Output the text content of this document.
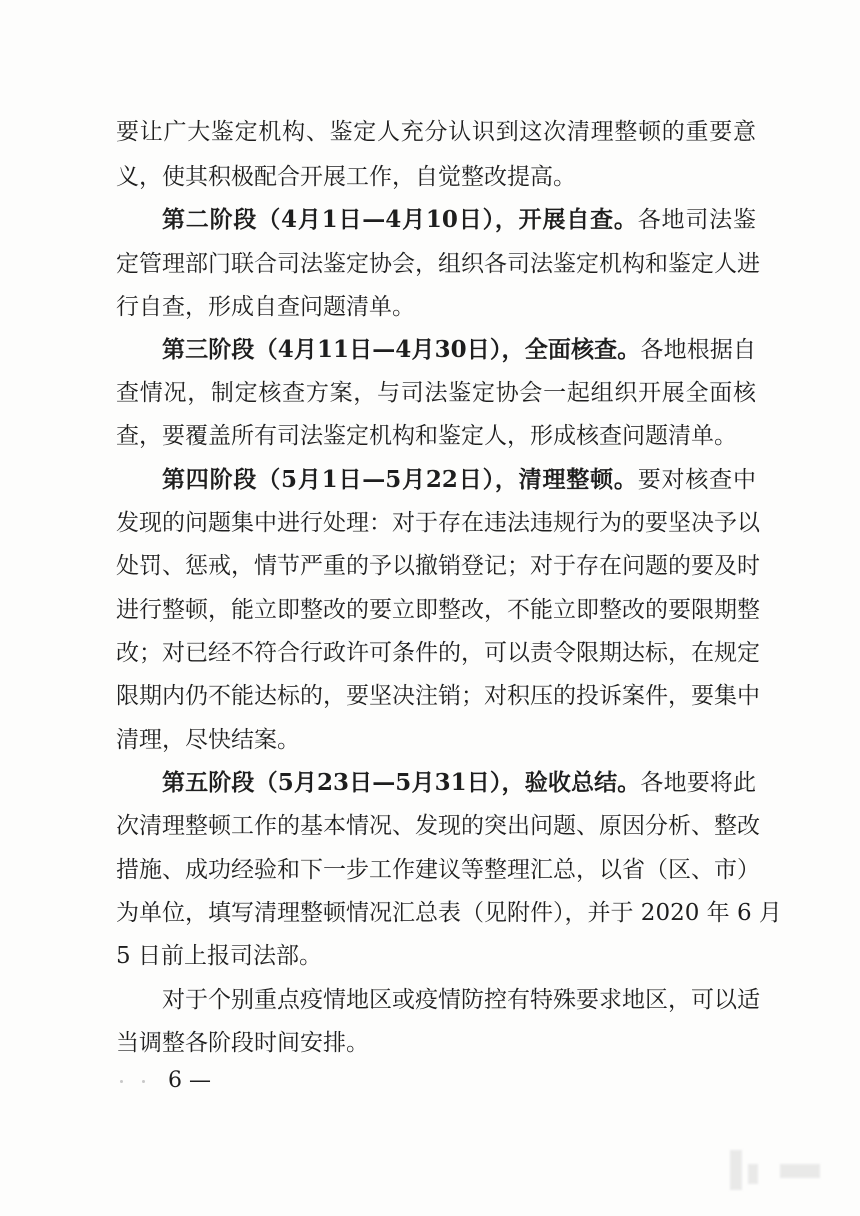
要让广大鉴定机构、鉴定人充分认识到这次清理整顿的重要意
义，使其积极配合开展工作，自觉整改提高。
第二阶段（4月1日—4月10日），开展自查。各地司法鉴
定管理部门联合司法鉴定协会，组织各司法鉴定机构和鉴定人进
行自查，形成自查问题清单。
第三阶段（4月11日—4月30日），全面核查。各地根据自
查情况，制定核查方案，与司法鉴定协会一起组织开展全面核
查，要覆盖所有司法鉴定机构和鉴定人，形成核查问题清单。
第四阶段（5月1日—5月22日），清理整顿。要对核查中
发现的问题集中进行处理：对于存在违法违规行为的要坚决予以
处罚、惩戒，情节严重的予以撤销登记；对于存在问题的要及时
进行整顿，能立即整改的要立即整改，不能立即整改的要限期整
改；对已经不符合行政许可条件的，可以责令限期达标，在规定
限期内仍不能达标的，要坚决注销；对积压的投诉案件，要集中
清理，尽快结案。
第五阶段（5月23日—5月31日），验收总结。各地要将此
次清理整顿工作的基本情况、发现的突出问题、原因分析、整改
措施、成功经验和下一步工作建议等整理汇总，以省（区、市）
为单位，填写清理整顿情况汇总表（见附件），并于 2020 年 6 月
5 日前上报司法部。
对于个别重点疫情地区或疫情防控有特殊要求地区，可以适
当调整各阶段时间安排。
6 —
